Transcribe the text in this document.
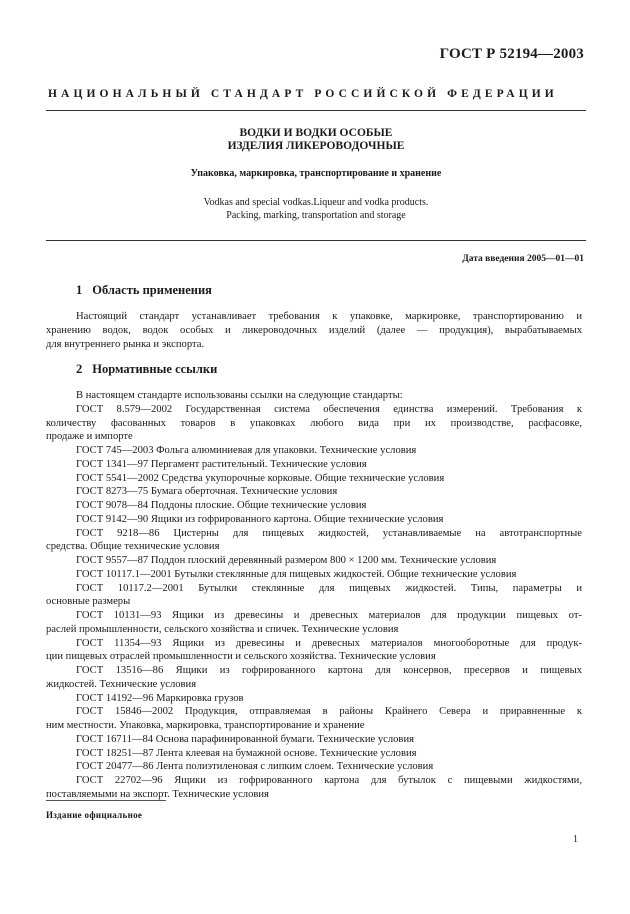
ГОСТ Р 52194—2003
НАЦИОНАЛЬНЫЙ СТАНДАРТ РОССИЙСКОЙ ФЕДЕРАЦИИ
ВОДКИ И ВОДКИ ОСОБЫЕ
ИЗДЕЛИЯ ЛИКЕРОВОДОЧНЫЕ
Упаковка, маркировка, транспортирование и хранение
Vodkas and special vodkas.Liqueur and vodka products.
Packing, marking, transportation and storage
Дата введения 2005—01—01
1 Область применения

Настоящий стандарт устанавливает требования к упаковке, маркировке, транспортированию и

хранению водок, водок особых и ликероводочных изделий (далее — продукция), вырабатываемых

для внутреннего рынка и экспорта.

2 Нормативные ссылки

В настоящем стандарте использованы ссылки на следующие стандарты:

ГОСТ 8.579—2002 Государственная система обеспечения единства измерений. Требования к

количеству фасованных товаров в упаковках любого вида при их производстве, расфасовке,

продаже и импорте

ГОСТ 745—2003 Фольга алюминиевая для упаковки. Технические условия

ГОСТ 1341—97 Пергамент растительный. Технические условия

ГОСТ 5541—2002 Средства укупорочные корковые. Общие технические условия

ГОСТ 8273—75 Бумага оберточная. Технические условия

ГОСТ 9078—84 Поддоны плоские. Общие технические условия

ГОСТ 9142—90 Ящики из гофрированного картона. Общие технические условия

ГОСТ 9218—86 Цистерны для пищевых жидкостей, устанавливаемые на автотранспортные

средства. Общие технические условия

ГОСТ 9557—87 Поддон плоский деревянный размером 800 × 1200 мм. Технические условия

ГОСТ 10117.1—2001 Бутылки стеклянные для пищевых жидкостей. Общие технические условия

ГОСТ 10117.2—2001 Бутылки стеклянные для пищевых жидкостей. Типы, параметры и

основные размеры

ГОСТ 10131—93 Ящики из древесины и древесных материалов для продукции пищевых от-

раслей промышленности, сельского хозяйства и спичек. Технические условия

ГОСТ 11354—93 Ящики из древесины и древесных материалов многооборотные для продук-

ции пищевых отраслей промышленности и сельского хозяйства. Технические условия

ГОСТ 13516—86 Ящики из гофрированного картона для консервов, пресервов и пищевых

жидкостей. Технические условия

ГОСТ 14192—96 Маркировка грузов

ГОСТ 15846—2002 Продукция, отправляемая в районы Крайнего Севера и приравненные к

ним местности. Упаковка, маркировка, транспортирование и хранение

ГОСТ 16711—84 Основа парафинированной бумаги. Технические условия

ГОСТ 18251—87 Лента клеевая на бумажной основе. Технические условия

ГОСТ 20477—86 Лента полиэтиленовая с липким слоем. Технические условия

ГОСТ 22702—96 Ящики из гофрированного картона для бутылок с пищевыми жидкостями,

поставляемыми на экспорт. Технические условия

Издание официальное
1
